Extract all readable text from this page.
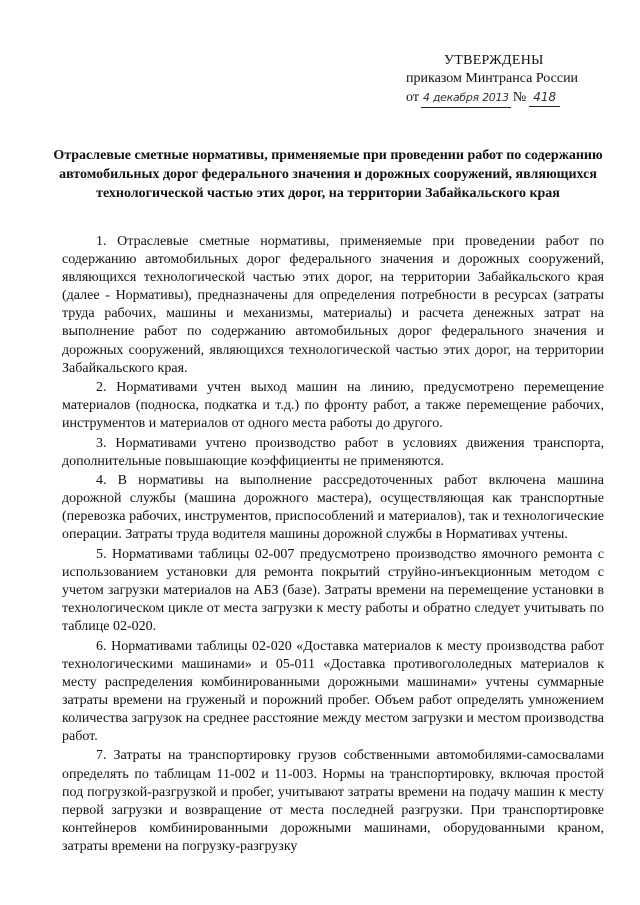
УТВЕРЖДЕНЫ
приказом Минтранса России
от 4 декабря 2013 № 418
Отраслевые сметные нормативы, применяемые при проведении работ по содержанию автомобильных дорог федерального значения и дорожных сооружений, являющихся технологической частью этих дорог, на территории Забайкальского края

1. Отраслевые сметные нормативы, применяемые при проведении работ по содержанию автомобильных дорог федерального значения и дорожных сооружений, являющихся технологической частью этих дорог, на территории Забайкальского края (далее - Нормативы), предназначены для определения потребности в ресурсах (затраты труда рабочих, машины и механизмы, материалы) и расчета денежных затрат на выполнение работ по содержанию автомобильных дорог федерального значения и дорожных сооружений, являющихся технологической частью этих дорог, на территории Забайкальского края.

2. Нормативами учтен выход машин на линию, предусмотрено перемещение материалов (подноска, подкатка и т.д.) по фронту работ, а также перемещение рабочих, инструментов и материалов от одного места работы до другого.

3. Нормативами учтено производство работ в условиях движения транспорта, дополнительные повышающие коэффициенты не применяются.

4. В нормативы на выполнение рассредоточенных работ включена машина дорожной службы (машина дорожного мастера), осуществляющая как транспортные (перевозка рабочих, инструментов, приспособлений и материалов), так и технологические операции. Затраты труда водителя машины дорожной службы в Нормативах учтены.

5. Нормативами таблицы 02-007 предусмотрено производство ямочного ремонта с использованием установки для ремонта покрытий струйно-инъекционным методом с учетом загрузки материалов на АБЗ (базе). Затраты времени на перемещение установки в технологическом цикле от места загрузки к месту работы и обратно следует учитывать по таблице 02-020.

6. Нормативами таблицы 02-020 «Доставка материалов к месту производства работ технологическими машинами» и 05-011 «Доставка противогололедных материалов к месту распределения комбинированными дорожными машинами» учтены суммарные затраты времени на груженый и порожний пробег. Объем работ определять умножением количества загрузок на среднее расстояние между местом загрузки и местом производства работ.

7. Затраты на транспортировку грузов собственными автомобилями-самосвалами определять по таблицам 11-002 и 11-003. Нормы на транспортировку, включая простой под погрузкой-разгрузкой и пробег, учитывают затраты времени на подачу машин к месту первой загрузки и возвращение от места последней разгрузки. При транспортировке контейнеров комбинированными дорожными машинами, оборудованными краном, затраты времени на погрузку-разгрузку
